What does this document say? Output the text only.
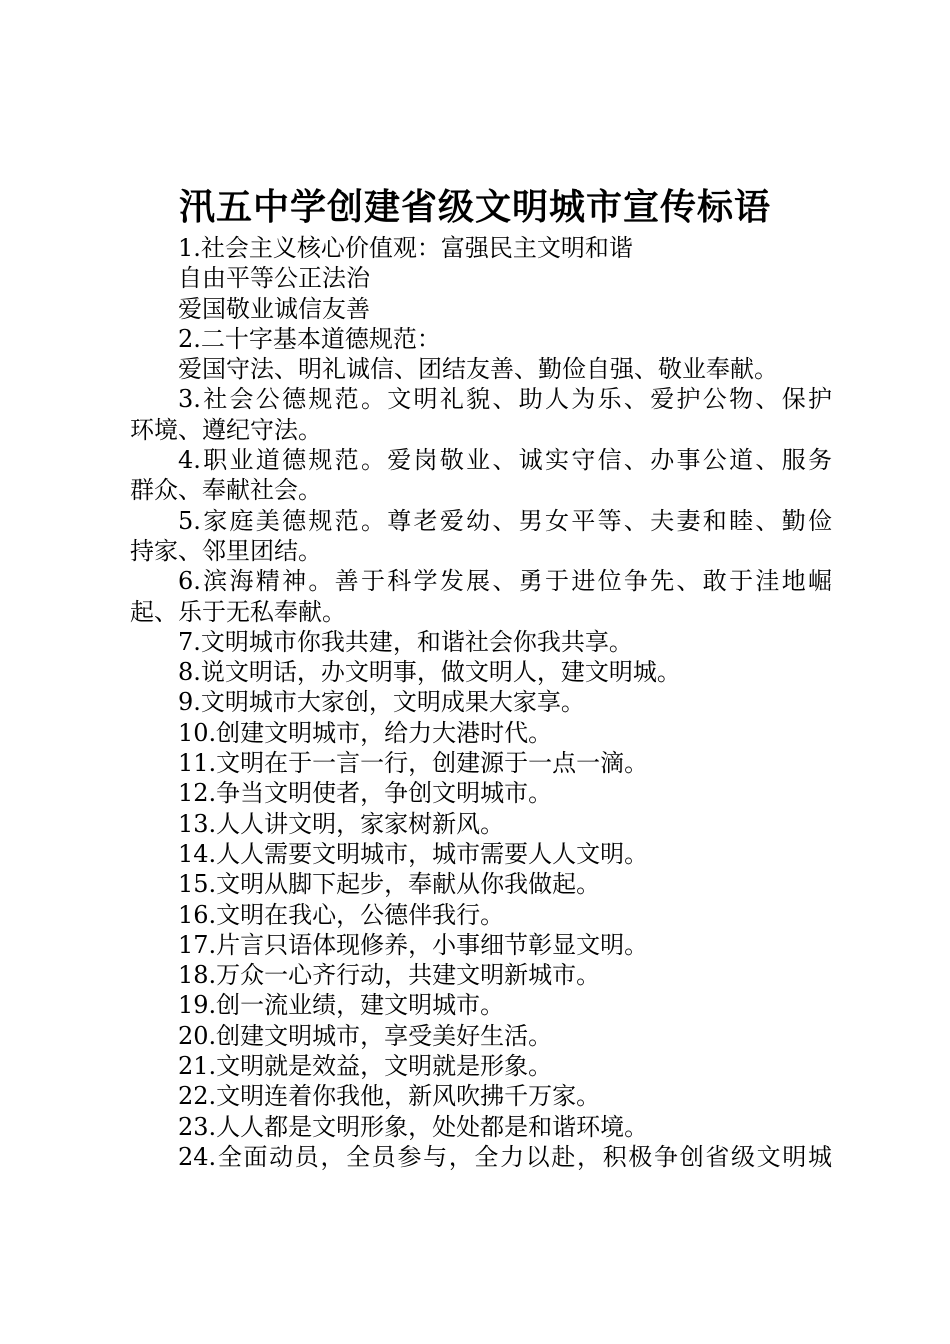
汛五中学创建省级文明城市宣传标语
1.社会主义核心价值观：富强民主文明和谐
自由平等公正法治
爱国敬业诚信友善
2.二十字基本道德规范：
爱国守法、明礼诚信、团结友善、勤俭自强、敬业奉献。
3.社会公德规范。文明礼貌、助人为乐、爱护公物、保护
环境、遵纪守法。
4.职业道德规范。爱岗敬业、诚实守信、办事公道、服务
群众、奉献社会。
5.家庭美德规范。尊老爱幼、男女平等、夫妻和睦、勤俭
持家、邻里团结。
6.滨海精神。善于科学发展、勇于进位争先、敢于洼地崛
起、乐于无私奉献。
7.文明城市你我共建，和谐社会你我共享。
8.说文明话，办文明事，做文明人，建文明城。
9.文明城市大家创，文明成果大家享。
10.创建文明城市，给力大港时代。
11.文明在于一言一行，创建源于一点一滴。
12.争当文明使者，争创文明城市。
13.人人讲文明，家家树新风。
14.人人需要文明城市，城市需要人人文明。
15.文明从脚下起步，奉献从你我做起。
16.文明在我心，公德伴我行。
17.片言只语体现修养，小事细节彰显文明。
18.万众一心齐行动，共建文明新城市。
19.创一流业绩，建文明城市。
20.创建文明城市，享受美好生活。
21.文明就是效益，文明就是形象。
22.文明连着你我他，新风吹拂千万家。
23.人人都是文明形象，处处都是和谐环境。
24.全面动员，全员参与，全力以赴，积极争创省级文明城
